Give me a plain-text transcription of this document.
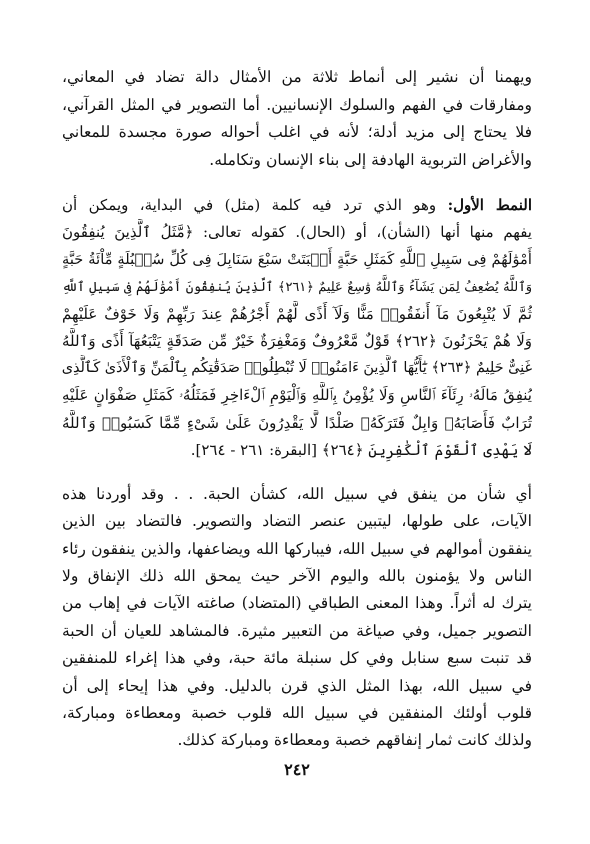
ويهمنا أن نشير إلى أنماط ثلاثة من الأمثال دالة تضاد في المعاني،
ومفارقات في الفهم والسلوك الإنسانيين. أما التصوير في المثل القرآني،
فلا يحتاج إلى مزيد أدلة؛ لأنه في اغلب أحواله صورة مجسدة للمعاني
والأغراض التربوية الهادفة إلى بناء الإنسان وتكامله.
النمط الأول: وهو الذي ترد فيه كلمة (مثل) في البداية، ويمكن أن
يفهم منها أنها (الشأن)، أو (الحال). كقوله تعالى: ﴿مَّثَلُ ٱلَّذِينَ يُنفِقُونَ
أَمْوَٰلَهُمْ فِى سَبِيلِ ٱللَّهِ كَمَثَلِ حَبَّةٍ أَنۢبَتَتْ سَبْعَ سَنَابِلَ فِى كُلِّ سُنۢبُلَةٍ مِّاْئَةُ حَبَّةٍ
وَٱللَّهُ يُضَٰعِفُ لِمَن يَشَآءُ وَٱللَّهُ وَٰسِعٌ عَلِيمٌ ﴿٢٦١﴾ ٱلَّذِينَ يُنفِقُونَ أَمْوَٰلَهُمْ فِى سَبِيلِ ٱللَّهِ
ثُمَّ لَا يُتْبِعُونَ مَآ أَنفَقُوا۟ مَنًّا وَلَآ أَذًى لَّهُمْ أَجْرُهُمْ عِندَ رَبِّهِمْ وَلَا خَوْفٌ عَلَيْهِمْ
وَلَا هُمْ يَحْزَنُونَ ﴿٢٦٢﴾ قَوْلٌ مَّعْرُوفٌ وَمَغْفِرَةٌ خَيْرٌ مِّن صَدَقَةٍ يَتْبَعُهَآ أَذًى وَٱللَّهُ
غَنِىٌّ حَلِيمٌ ﴿٢٦٣﴾ يَٰٓأَيُّهَا ٱلَّذِينَ ءَامَنُوا۟ لَا تُبْطِلُوا۟ صَدَقَٰتِكُم بِٱلْمَنِّ وَٱلْأَذَىٰ كَٱلَّذِى
يُنفِقُ مَالَهُۥ رِئَآءَ ٱلنَّاسِ وَلَا يُؤْمِنُ بِٱللَّهِ وَٱلْيَوْمِ ٱلْءَاخِرِ فَمَثَلُهُۥ كَمَثَلِ صَفْوَانٍ عَلَيْهِ
تُرَابٌ فَأَصَابَهُۥ وَابِلٌ فَتَرَكَهُۥ صَلْدًا لَّا يَقْدِرُونَ عَلَىٰ شَىْءٍ مِّمَّا كَسَبُوا۟ وَٱللَّهُ
لَا يَهْدِى ٱلْقَوْمَ ٱلْكَٰفِرِينَ ﴿٢٦٤﴾ [البقرة: ٢٦١ - ٢٦٤].
أي شأن من ينفق في سبيل الله، كشأن الحبة. . . وقد أوردنا هذه
الآيات، على طولها، ليتبين عنصر التضاد والتصوير. فالتضاد بين الذين
ينفقون أموالهم في سبيل الله، فيباركها الله ويضاعفها، والذين ينفقون رئاء
الناس ولا يؤمنون بالله واليوم الآخر حيث يمحق الله ذلك الإنفاق ولا
يترك له أثراً. وهذا المعنى الطباقي (المتضاد) صاغته الآيات في إهاب من
التصوير جميل، وفي صياغة من التعبير مثيرة. فالمشاهد للعيان أن الحبة
قد تنبت سبع سنابل وفي كل سنبلة مائة حبة، وفي هذا إغراء للمنفقين
في سبيل الله، بهذا المثل الذي قرن بالدليل. وفي هذا إيحاء إلى أن
قلوب أولئك المنفقين في سبيل الله قلوب خصبة ومعطاءة ومباركة،
ولذلك كانت ثمار إنفاقهم خصبة ومعطاءة ومباركة كذلك.
٢٤٢
